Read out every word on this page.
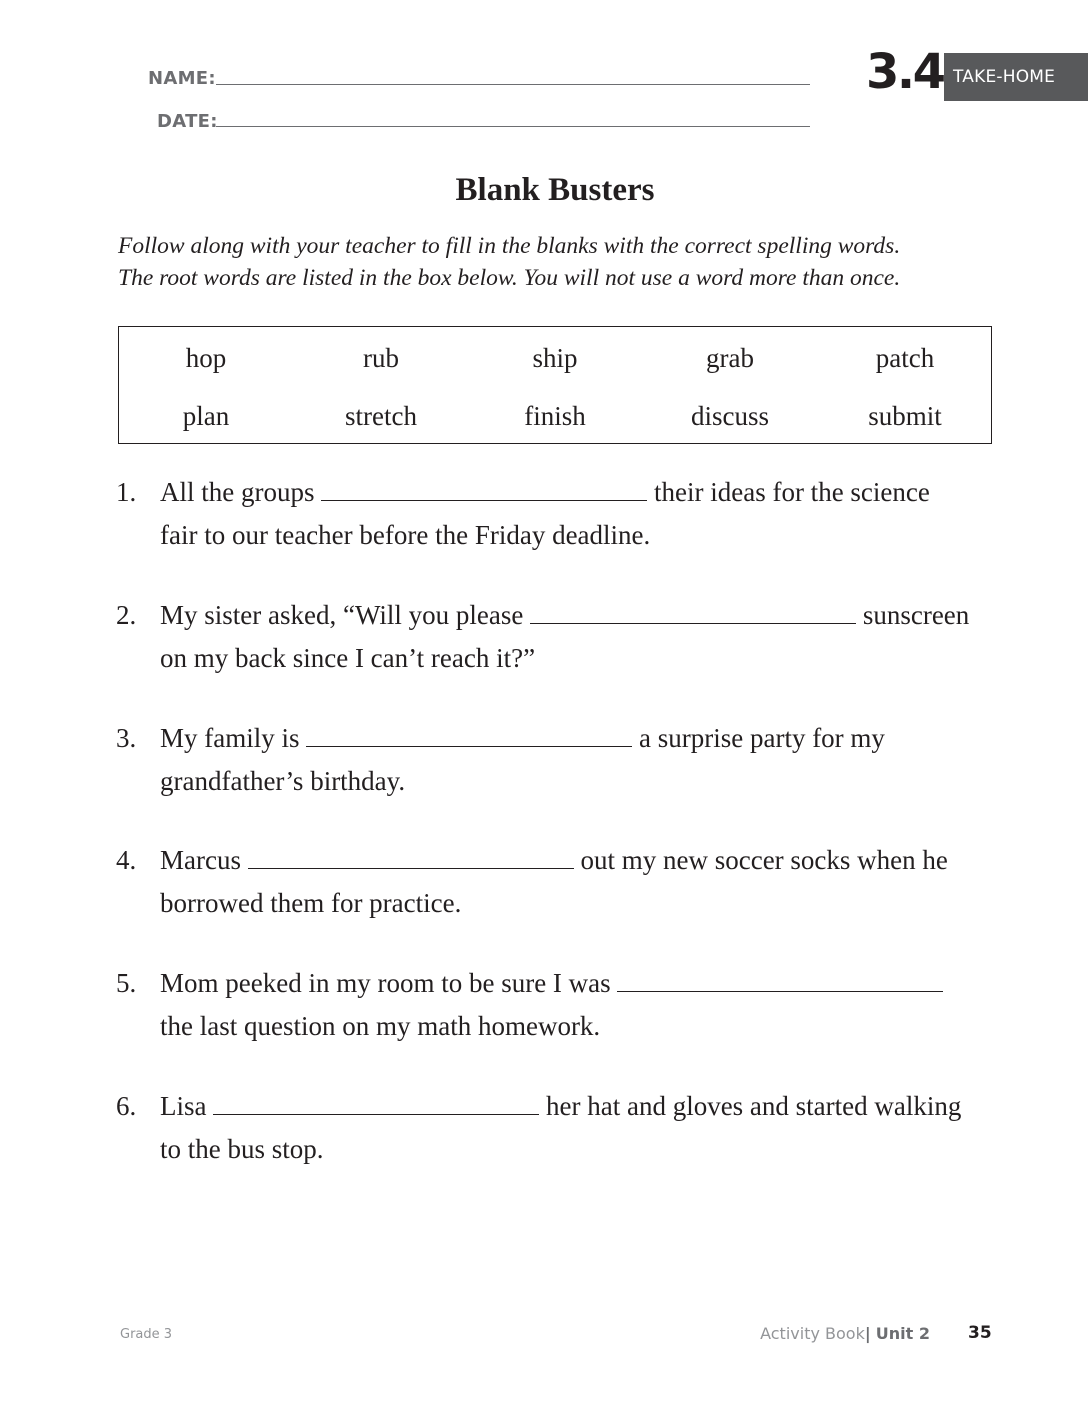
NAME:
DATE:
3.4 TAKE-HOME
Blank Busters
Follow along with your teacher to fill in the blanks with the correct spelling words.
The root words are listed in the box below. You will not use a word more than once.
hop	rub	ship	grab	patch
plan	stretch	finish	discuss	submit
1. All the groups	their ideas for the science
fair to our teacher before the Friday deadline.
2. My sister asked, “Will you please	sunscreen
on my back since I can’t reach it?”
3. My family is	a surprise party for my
grandfather’s birthday.
4. Marcus	out my new soccer socks when he
borrowed them for practice.
5. Mom peeked in my room to be sure I was
the last question on my math homework.
6. Lisa	her hat and gloves and started walking
to the bus stop.
Grade 3	Activity Book| Unit 2 35
